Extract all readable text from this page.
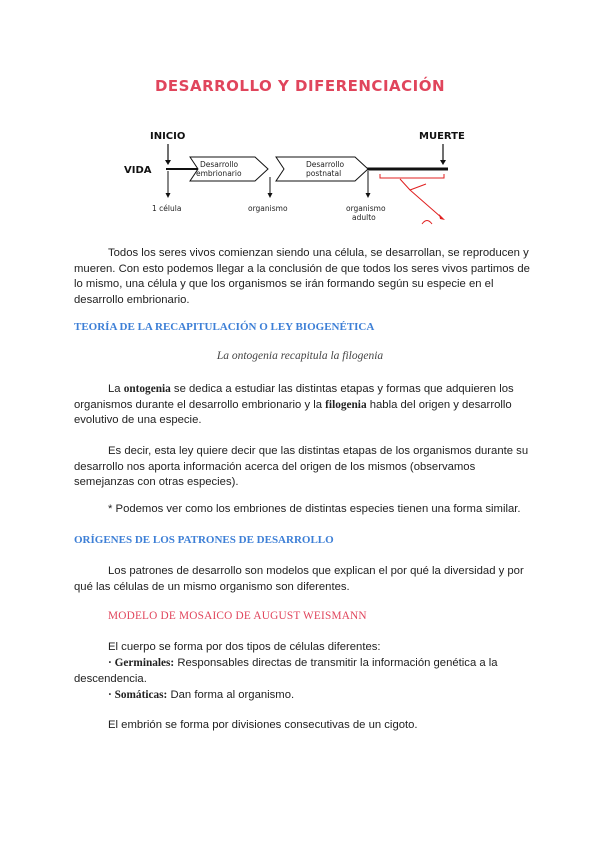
DESARROLLO Y DIFERENCIACIÓN
INICIO	MUERTE
VIDA
Desarrollo
embrionario
Desarrollo
postnatal
1 célula	organismo	organismo
adulto

Todos los seres vivos comienzan siendo una célula, se desarrollan, se reproducen y mueren. Con esto podemos llegar a la conclusión de que todos los seres vivos partimos de lo mismo, una célula y que los organismos se irán formando según su especie en el desarrollo embrionario.

TEORÍA DE LA RECAPITULACIÓN O LEY BIOGENÉTICA

La ontogenia recapitula la filogenia

La ontogenia se dedica a estudiar las distintas etapas y formas que adquieren los organismos durante el desarrollo embrionario y la filogenia habla del origen y desarrollo evolutivo de una especie.

Es decir, esta ley quiere decir que las distintas etapas de los organismos durante su desarrollo nos aporta información acerca del origen de los mismos (observamos semejanzas con otras especies).

* Podemos ver como los embriones de distintas especies tienen una forma similar.

ORÍGENES DE LOS PATRONES DE DESARROLLO

Los patrones de desarrollo son modelos que explican el por qué la diversidad y por qué las células de un mismo organismo son diferentes.

MODELO DE MOSAICO DE AUGUST WEISMANN

El cuerpo se forma por dos tipos de células diferentes:

· Germinales: Responsables directas de transmitir la información genética a la descendencia.

· Somáticas: Dan forma al organismo.

El embrión se forma por divisiones consecutivas de un cigoto.
